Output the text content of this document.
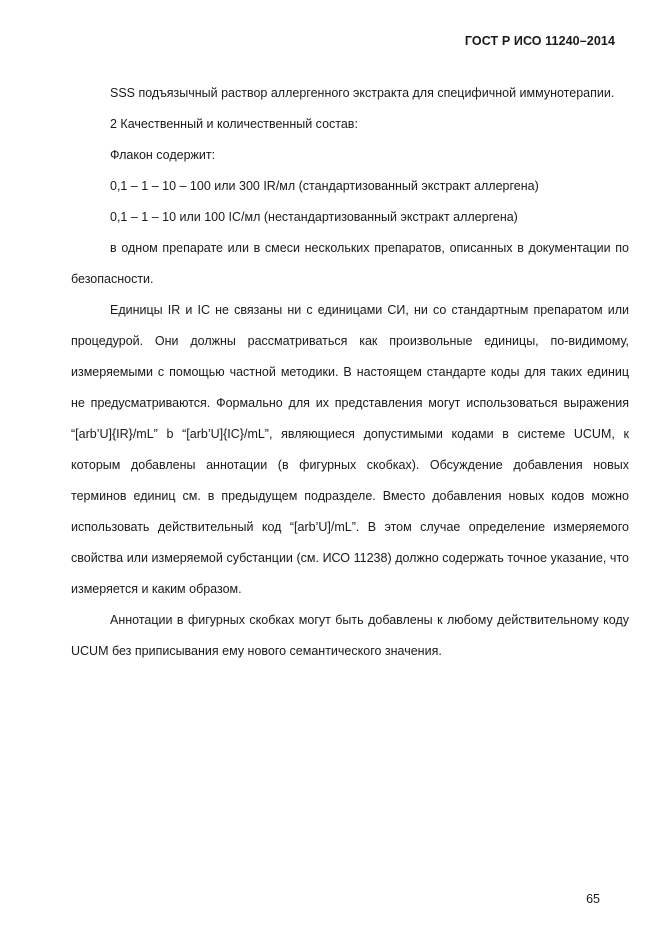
ГОСТ Р ИСО 11240–2014

SSS подъязычный раствор аллергенного экстракта для специфичной иммунотерапии.

2 Качественный и количественный состав:

Флакон содержит:

0,1 – 1 – 10 – 100 или 300 IR/мл (стандартизованный экстракт аллергена)

0,1 – 1 – 10 или 100 IC/мл (нестандартизованный экстракт аллергена)

в одном препарате или в смеси нескольких препаратов, описанных в документации по безопасности.

Единицы IR и IC не связаны ни с единицами СИ, ни со стандартным препаратом или процедурой. Они должны рассматриваться как произвольные единицы, по-видимому, измеряемыми с помощью частной методики. В настоящем стандарте коды для таких единиц не предусматриваются. Формально для их представления могут использоваться выражения “[arb’U]{IR}/mL” b “[arb’U]{IC}/mL”, являющиеся допустимыми кодами в системе UCUM, к которым добавлены аннотации (в фигурных скобках). Обсуждение добавления новых терминов единиц см. в предыдущем подразделе. Вместо добавления новых кодов можно использовать действительный код “[arb’U]/mL”. В этом случае определение измеряемого свойства или измеряемой субстанции (см. ИСО 11238) должно содержать точное указание, что измеряется и каким образом.

Аннотации в фигурных скобках могут быть добавлены к любому действительному коду UCUM без приписывания ему нового семантического значения.

65
